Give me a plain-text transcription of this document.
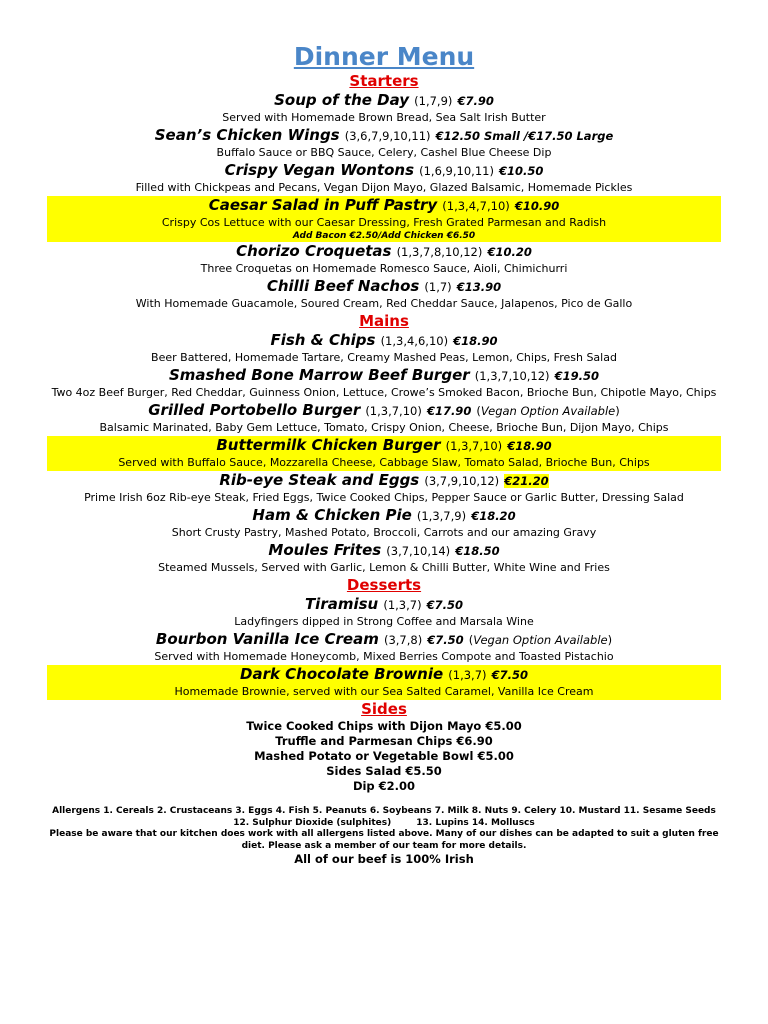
Dinner Menu
Starters

Soup of the Day (1,7,9) €7.90

Served with Homemade Brown Bread, Sea Salt Irish Butter

Sean’s Chicken Wings (3,6,7,9,10,11) €12.50 Small /€17.50 Large

Buffalo Sauce or BBQ Sauce, Celery, Cashel Blue Cheese Dip

Crispy Vegan Wontons (1,6,9,10,11) €10.50

Filled with Chickpeas and Pecans, Vegan Dijon Mayo, Glazed Balsamic, Homemade Pickles

Caesar Salad in Puff Pastry (1,3,4,7,10) €10.90

Crispy Cos Lettuce with our Caesar Dressing, Fresh Grated Parmesan and Radish

Add Bacon €2.50/Add Chicken €6.50

Chorizo Croquetas (1,3,7,8,10,12) €10.20

Three Croquetas on Homemade Romesco Sauce, Aioli, Chimichurri

Chilli Beef Nachos (1,7) €13.90

With Homemade Guacamole, Soured Cream, Red Cheddar Sauce, Jalapenos, Pico de Gallo

Mains

Fish & Chips (1,3,4,6,10) €18.90

Beer Battered, Homemade Tartare, Creamy Mashed Peas, Lemon, Chips, Fresh Salad

Smashed Bone Marrow Beef Burger (1,3,7,10,12) €19.50

Two 4oz Beef Burger, Red Cheddar, Guinness Onion, Lettuce, Crowe’s Smoked Bacon, Brioche Bun, Chipotle Mayo, Chips

Grilled Portobello Burger (1,3,7,10) €17.90 (Vegan Option Available)

Balsamic Marinated, Baby Gem Lettuce, Tomato, Crispy Onion, Cheese, Brioche Bun, Dijon Mayo, Chips

Buttermilk Chicken Burger (1,3,7,10) €18.90

Served with Buffalo Sauce, Mozzarella Cheese, Cabbage Slaw, Tomato Salad, Brioche Bun, Chips

Rib-eye Steak and Eggs (3,7,9,10,12) €21.20

Prime Irish 6oz Rib-eye Steak, Fried Eggs, Twice Cooked Chips, Pepper Sauce or Garlic Butter, Dressing Salad

Ham & Chicken Pie (1,3,7,9) €18.20

Short Crusty Pastry, Mashed Potato, Broccoli, Carrots and our amazing Gravy

Moules Frites (3,7,10,14) €18.50

Steamed Mussels, Served with Garlic, Lemon & Chilli Butter, White Wine and Fries

Desserts

Tiramisu (1,3,7) €7.50

Ladyfingers dipped in Strong Coffee and Marsala Wine

Bourbon Vanilla Ice Cream (3,7,8) €7.50 (Vegan Option Available)

Served with Homemade Honeycomb, Mixed Berries Compote and Toasted Pistachio

Dark Chocolate Brownie (1,3,7) €7.50

Homemade Brownie, served with our Sea Salted Caramel, Vanilla Ice Cream

Sides
Twice Cooked Chips with Dijon Mayo €5.00
Truffle and Parmesan Chips €6.90
Mashed Potato or Vegetable Bowl €5.00
Sides Salad €5.50
Dip €2.00
Allergens 1. Cereals 2. Crustaceans 3. Eggs 4. Fish 5. Peanuts 6. Soybeans 7. Milk 8. Nuts 9. Celery 10. Mustard 11. Sesame Seeds
12. Sulphur Dioxide (sulphites)        13. Lupins 14. Molluscs
Please be aware that our kitchen does work with all allergens listed above. Many of our dishes can be adapted to suit a gluten free diet. Please ask a member of our team for more details.
All of our beef is 100% Irish
